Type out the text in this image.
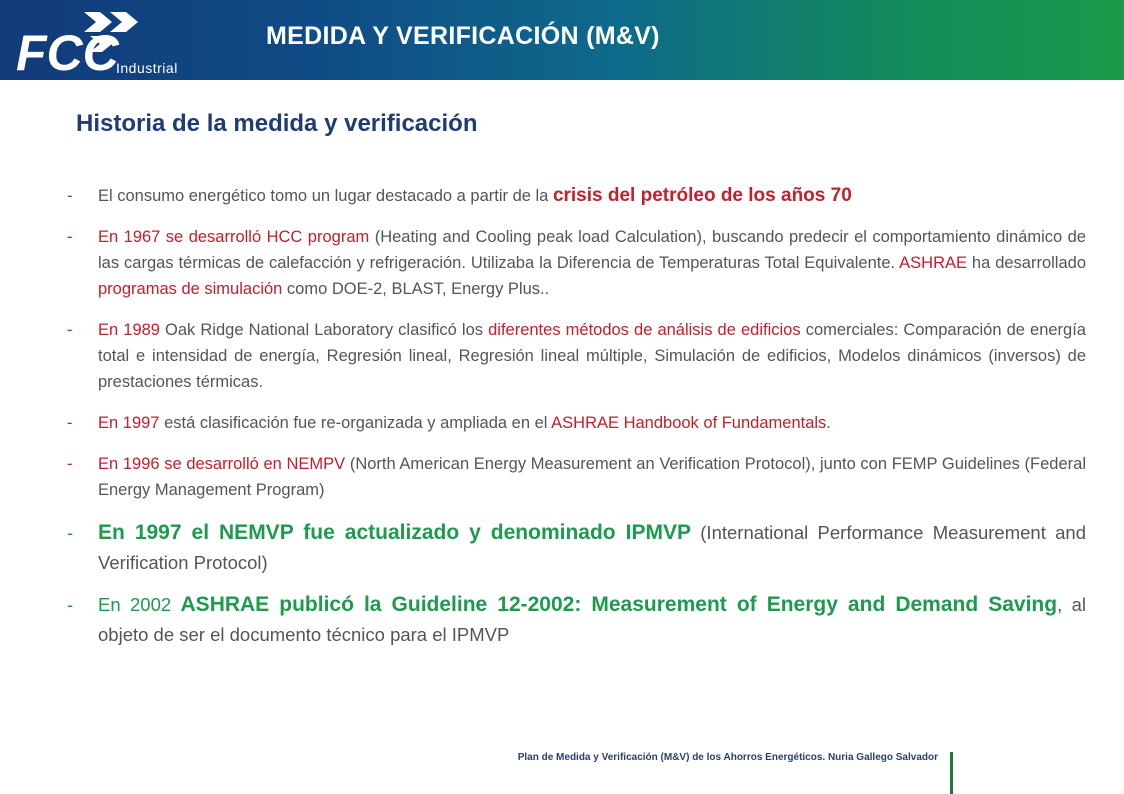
FCC
Industrial
MEDIDA Y VERIFICACIÓN (M&V)
Historia de la medida y verificación
- El consumo energético tomo un lugar destacado a partir de la crisis del petróleo de los años 70
- En 1967 se desarrolló HCC program (Heating and Cooling peak load Calculation), buscando predecir el comportamiento dinámico de las cargas térmicas de calefacción y refrigeración. Utilizaba la Diferencia de Temperaturas Total Equivalente. ASHRAE ha desarrollado programas de simulación como DOE-2, BLAST, Energy Plus..
- En 1989 Oak Ridge National Laboratory clasificó los diferentes métodos de análisis de edificios comerciales: Comparación de energía total e intensidad de energía, Regresión lineal, Regresión lineal múltiple, Simulación de edificios, Modelos dinámicos (inversos) de prestaciones térmicas.
- En 1997 está clasificación fue re-organizada y ampliada en el ASHRAE Handbook of Fundamentals.
- En 1996 se desarrolló en NEMPV (North American Energy Measurement an Verification Protocol), junto con FEMP Guidelines (Federal Energy Management Program)
- En 1997 el NEMVP fue actualizado y denominado IPMVP (International Performance Measurement and Verification Protocol)
- En 2002 ASHRAE publicó la Guideline 12-2002: Measurement of Energy and Demand Saving, al objeto de ser el documento técnico para el IPMVP
Plan de Medida y Verificación (M&V) de los Ahorros Energéticos. Nuria Gallego Salvador
